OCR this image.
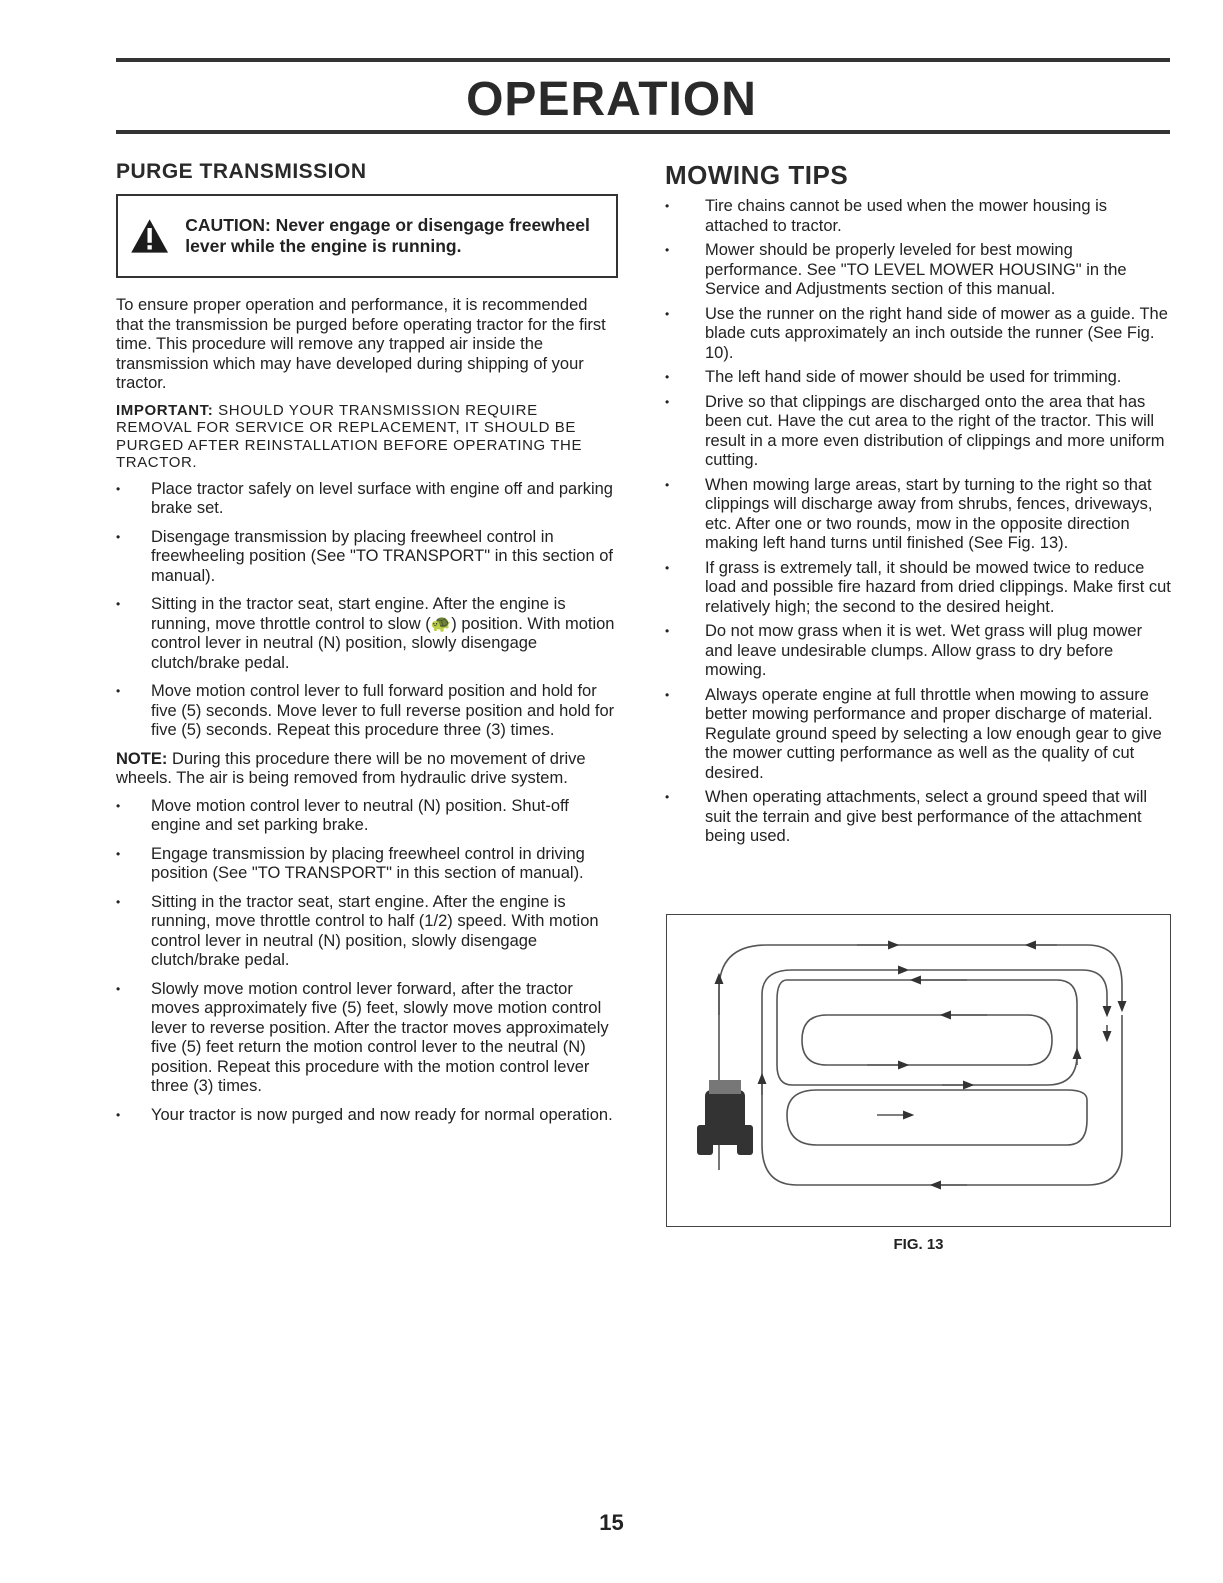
OPERATION
PURGE TRANSMISSION
CAUTION: Never engage or disengage freewheel lever while the engine is running.

To ensure proper operation and performance, it is recommended that the transmission be purged before operating tractor for the first time. This procedure will remove any trapped air inside the transmission which may have developed during shipping of your tractor.

IMPORTANT: SHOULD YOUR TRANSMISSION REQUIRE REMOVAL FOR SERVICE OR REPLACEMENT, IT SHOULD BE PURGED AFTER REINSTALLATION BEFORE OPERATING THE TRACTOR.

•	Place tractor safely on level surface with engine off and parking brake set.
•	Disengage transmission by placing freewheel control in freewheeling position (See "TO TRANSPORT" in this section of manual).
•	Sitting in the tractor seat, start engine. After the engine is running, move throttle control to slow (🐢) position. With motion control lever in neutral (N) position, slowly disengage clutch/brake pedal.
•	Move motion control lever to full forward position and hold for five (5) seconds. Move lever to full reverse position and hold for five (5) seconds. Repeat this procedure three (3) times.

NOTE: During this procedure there will be no movement of drive wheels. The air is being removed from hydraulic drive system.

•	Move motion control lever to neutral (N) position. Shut-off engine and set parking brake.
•	Engage transmission by placing freewheel control in driving position (See "TO TRANSPORT" in this section of manual).
•	Sitting in the tractor seat, start engine. After the engine is running, move throttle control to half (1/2) speed. With motion control lever in neutral (N) position, slowly disengage clutch/brake pedal.
•	Slowly move motion control lever forward, after the tractor moves approximately five (5) feet, slowly move motion control lever to reverse position. After the tractor moves approximately five (5) feet return the motion control lever to the neutral (N) position. Repeat this procedure with the motion control lever three (3) times.
•	Your tractor is now purged and now ready for normal operation.
MOWING TIPS
•	Tire chains cannot be used when the mower housing is attached to tractor.
•	Mower should be properly leveled for best mowing performance. See "TO LEVEL MOWER HOUSING" in the Service and Adjustments section of this manual.
•	Use the runner on the right hand side of mower as a guide. The blade cuts approximately an inch outside the runner (See Fig. 10).
•	The left hand side of mower should be used for trimming.
•	Drive so that clippings are discharged onto the area that has been cut. Have the cut area to the right of the tractor. This will result in a more even distribution of clippings and more uniform cutting.
•	When mowing large areas, start by turning to the right so that clippings will discharge away from shrubs, fences, driveways, etc. After one or two rounds, mow in the opposite direction making left hand turns until finished (See Fig. 13).
•	If grass is extremely tall, it should be mowed twice to reduce load and possible fire hazard from dried clippings. Make first cut relatively high; the second to the desired height.
•	Do not mow grass when it is wet. Wet grass will plug mower and leave undesirable clumps. Allow grass to dry before mowing.
•	Always operate engine at full throttle when mowing to assure better mowing performance and proper discharge of material. Regulate ground speed by selecting a low enough gear to give the mower cutting performance as well as the quality of cut desired.
•	When operating attachments, select a ground speed that will suit the terrain and give best performance of the attachment being used.
FIG. 13
15
